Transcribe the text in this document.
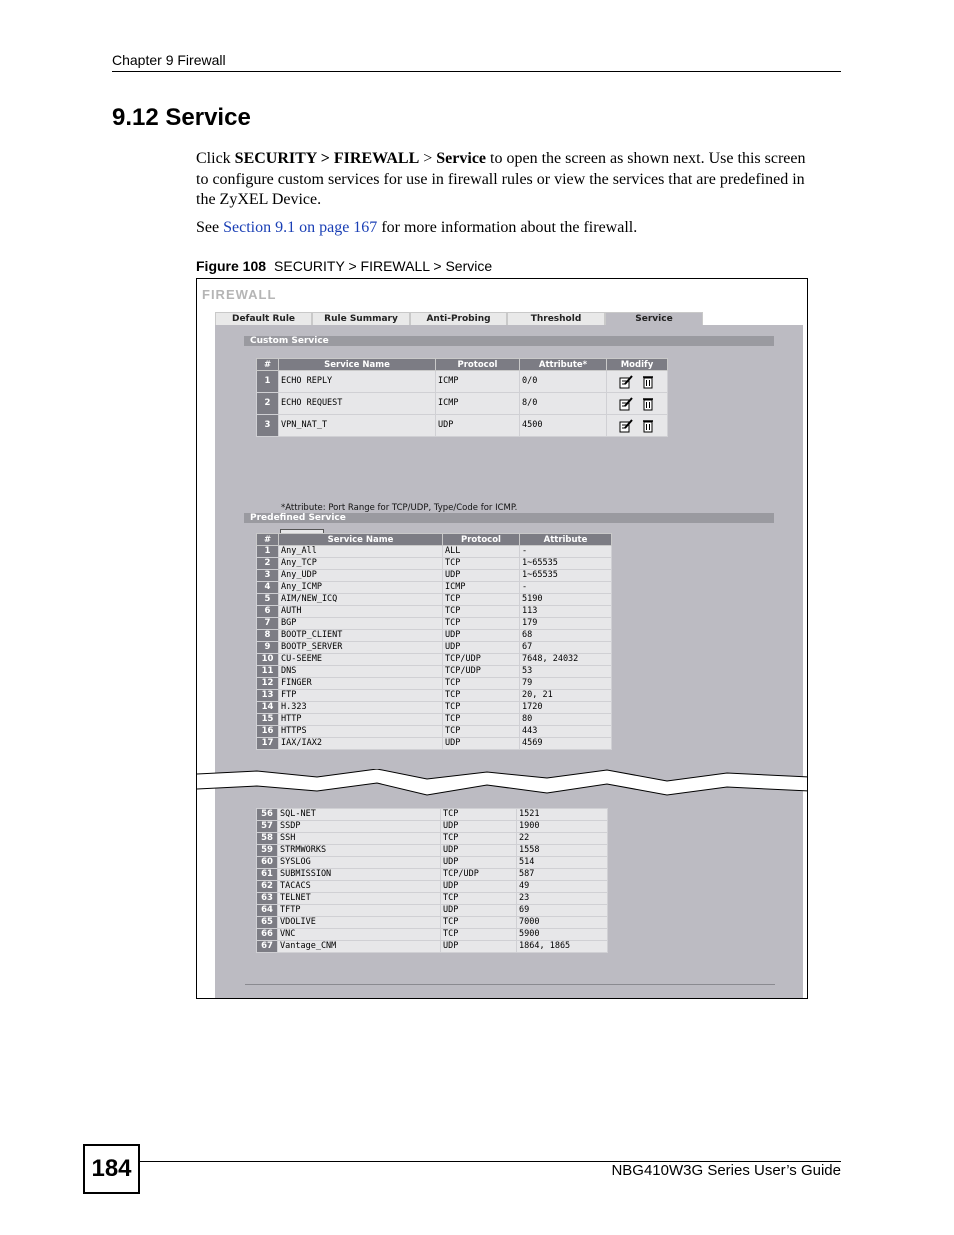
Chapter 9 Firewall
9.12 Service
Click SECURITY > FIREWALL > Service to open the screen as shown next. Use this screen to configure custom services for use in firewall rules or view the services that are predefined in the ZyXEL Device.
See Section 9.1 on page 167 for more information about the firewall.
Figure 108 SECURITY > FIREWALL > Service
FIREWALL
Default Rule	Rule Summary	Anti-Probing	Threshold	Service
Custom Service
#	Service Name	Protocol	Attribute*	Modify
1	ECHO REPLY	ICMP	0/0	

2	ECHO REQUEST	ICMP	8/0	

3	VPN_NAT_T	UDP	4500	
*Attribute: Port Range for TCP/UDP, Type/Code for ICMP.
Predefined Service
#	Service Name	Protocol	Attribute
1	Any_All	ALL	-
2	Any_TCP	TCP	1~65535
3	Any_UDP	UDP	1~65535
4	Any_ICMP	ICMP	-
5	AIM/NEW_ICQ	TCP	5190
6	AUTH	TCP	113
7	BGP	TCP	179
8	BOOTP_CLIENT	UDP	68
9	BOOTP_SERVER	UDP	67
10	CU-SEEME	TCP/UDP	7648, 24032
11	DNS	TCP/UDP	53
12	FINGER	TCP	79
13	FTP	TCP	20, 21
14	H.323	TCP	1720
15	HTTP	TCP	80
16	HTTPS	TCP	443
17	IAX/IAX2	UDP	4569
56	SQL-NET	TCP	1521
57	SSDP	UDP	1900
58	SSH	TCP	22
59	STRMWORKS	UDP	1558
60	SYSLOG	UDP	514
61	SUBMISSION	TCP/UDP	587
62	TACACS	UDP	49
63	TELNET	TCP	23
64	TFTP	UDP	69
65	VDOLIVE	TCP	7000
66	VNC	TCP	5900
67	Vantage_CNM	UDP	1864, 1865
184	NBG410W3G Series User’s Guide
